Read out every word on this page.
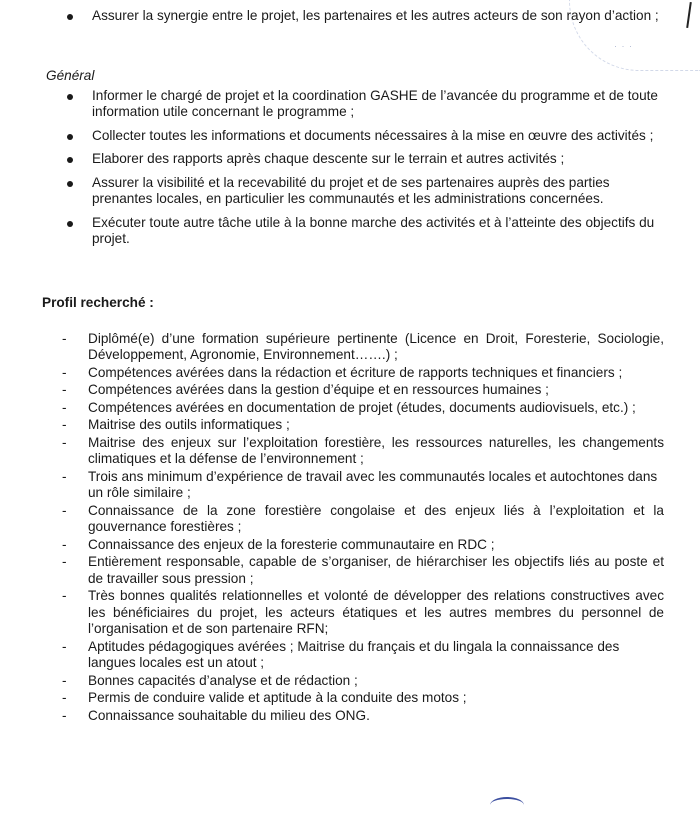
· · ·
Assurer la synergie entre le projet, les partenaires et les autres acteurs de son rayon d’action ;
Général
Informer le chargé de projet et la coordination GASHE de l’avancée du programme et de toute information utile concernant le programme ;
Collecter toutes les informations et documents nécessaires à la mise en œuvre des activités ;
Elaborer des rapports après chaque descente sur le terrain et autres activités ;
Assurer la visibilité et la recevabilité du projet et de ses partenaires auprès des parties prenantes locales, en particulier les communautés et les administrations concernées.
Exécuter toute autre tâche utile à la bonne marche des activités et à l’atteinte des objectifs du projet.
Profil recherché :
- Diplômé(e) d’une formation supérieure pertinente (Licence en Droit, Foresterie, Sociologie, Développement, Agronomie, Environnement…….) ;
- Compétences avérées dans la rédaction et écriture de rapports techniques et financiers ;
- Compétences avérées dans la gestion d’équipe et en ressources humaines ;
- Compétences avérées en documentation de projet (études, documents audiovisuels, etc.) ;
- Maitrise des outils informatiques ;
- Maitrise des enjeux sur l’exploitation forestière, les ressources naturelles, les changements climatiques et la défense de l’environnement ;
- Trois ans minimum d’expérience de travail avec les communautés locales et autochtones dans un rôle similaire ;
- Connaissance de la zone forestière congolaise et des enjeux liés à l’exploitation et la gouvernance forestières ;
- Connaissance des enjeux de la foresterie communautaire en RDC ;
- Entièrement responsable, capable de s’organiser, de hiérarchiser les objectifs liés au poste et de travailler sous pression ;
- Très bonnes qualités relationnelles et volonté de développer des relations constructives avec les bénéficiaires du projet, les acteurs étatiques et les autres membres du personnel de l’organisation et de son partenaire RFN;
- Aptitudes pédagogiques avérées ; Maitrise du français et du lingala la connaissance des langues locales est un atout ;
- Bonnes capacités d’analyse et de rédaction ;
- Permis de conduire valide et aptitude à la conduite des motos ;
- Connaissance souhaitable du milieu des ONG.
